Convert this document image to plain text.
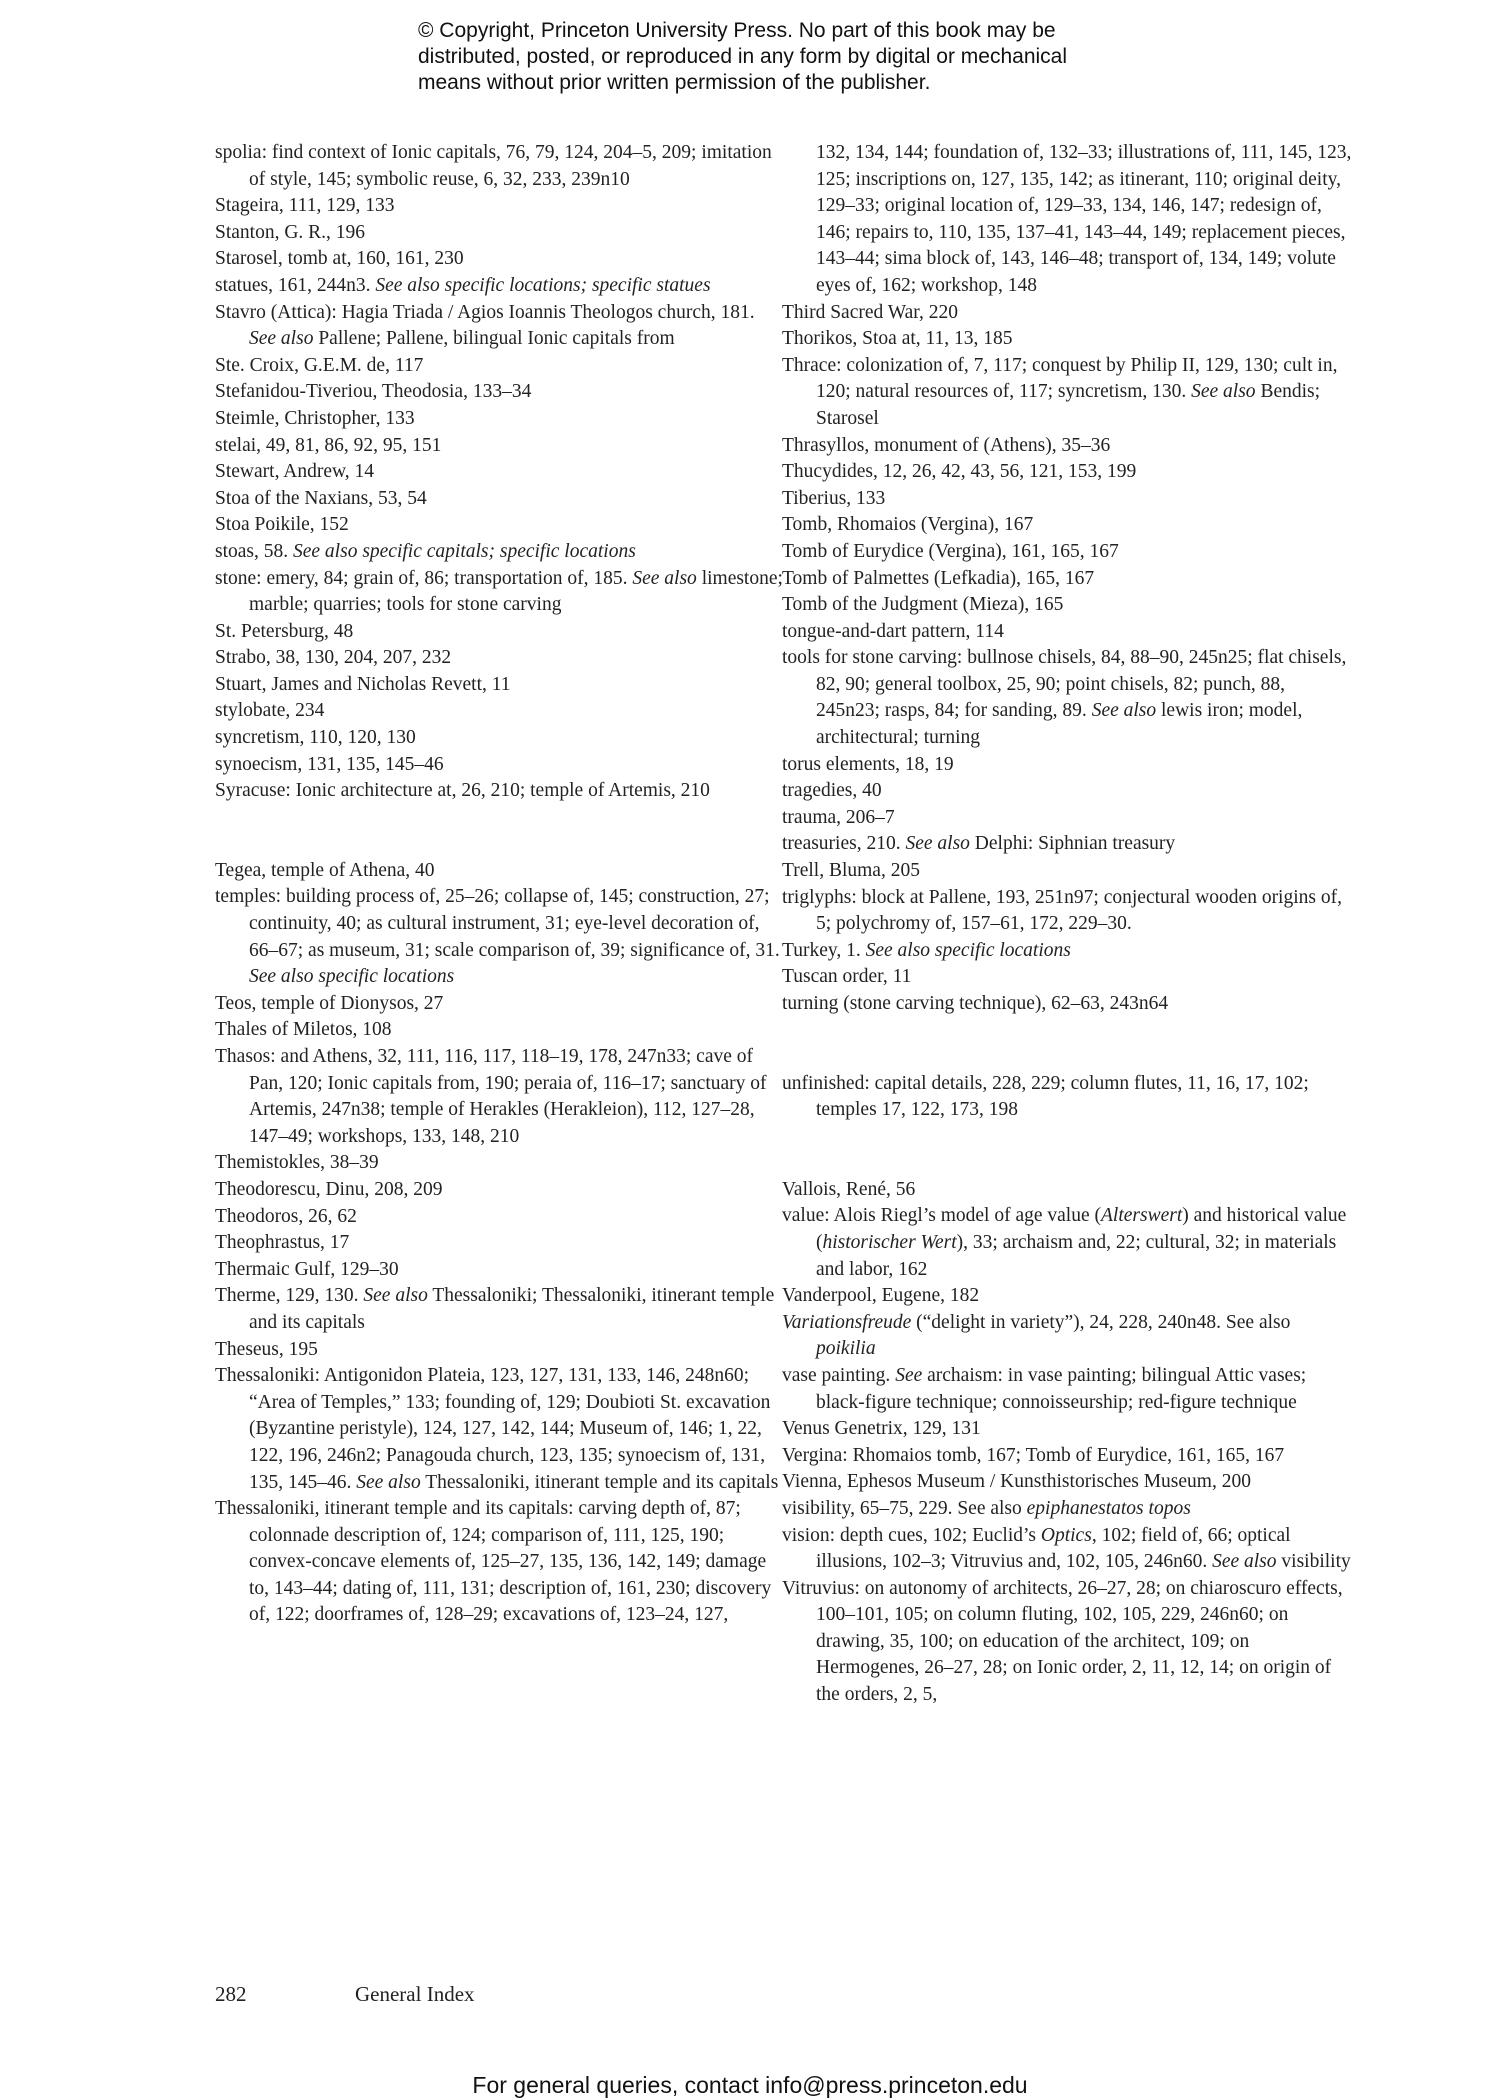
© Copyright, Princeton University Press. No part of this book may be
distributed, posted, or reproduced in any form by digital or mechanical
means without prior written permission of the publisher.

spolia: find context of Ionic capitals, 76, 79, 124, 204–5, 209; imitation of style, 145; symbolic reuse, 6, 32, 233, 239n10

Stageira, 111, 129, 133

Stanton, G. R., 196

Starosel, tomb at, 160, 161, 230

statues, 161, 244n3. See also specific locations; specific statues

Stavro (Attica): Hagia Triada / Agios Ioannis Theologos church, 181. See also Pallene; Pallene, bilingual Ionic capitals from

Ste. Croix, G.E.M. de, 117

Stefanidou-Tiveriou, Theodosia, 133–34

Steimle, Christopher, 133

stelai, 49, 81, 86, 92, 95, 151

Stewart, Andrew, 14

Stoa of the Naxians, 53, 54

Stoa Poikile, 152

stoas, 58. See also specific capitals; specific locations

stone: emery, 84; grain of, 86; transportation of, 185. See also limestone; marble; quarries; tools for stone carving

St. Petersburg, 48

Strabo, 38, 130, 204, 207, 232

Stuart, James and Nicholas Revett, 11

stylobate, 234

syncretism, 110, 120, 130

synoecism, 131, 135, 145–46

Syracuse: Ionic architecture at, 26, 210; temple of Artemis, 210

Tegea, temple of Athena, 40

temples: building process of, 25–26; collapse of, 145; construction, 27; continuity, 40; as cultural instrument, 31; eye-level decoration of, 66–67; as museum, 31; scale comparison of, 39; significance of, 31. See also specific locations

Teos, temple of Dionysos, 27

Thales of Miletos, 108

Thasos: and Athens, 32, 111, 116, 117, 118–19, 178, 247n33; cave of Pan, 120; Ionic capitals from, 190; peraia of, 116–17; sanctuary of Artemis, 247n38; temple of Herakles (Herakleion), 112, 127–28, 147–49; workshops, 133, 148, 210

Themistokles, 38–39

Theodorescu, Dinu, 208, 209

Theodoros, 26, 62

Theophrastus, 17

Thermaic Gulf, 129–30

Therme, 129, 130. See also Thessaloniki; Thessaloniki, itinerant temple and its capitals

Theseus, 195

Thessaloniki: Antigonidon Plateia, 123, 127, 131, 133, 146, 248n60; “Area of Temples,” 133; founding of, 129; Doubioti St. excavation (Byzantine peristyle), 124, 127, 142, 144; Museum of, 146; 1, 22, 122, 196, 246n2; Panagouda church, 123, 135; synoecism of, 131, 135, 145–46. See also Thessaloniki, itinerant temple and its capitals

Thessaloniki, itinerant temple and its capitals: carving depth of, 87; colonnade description of, 124; comparison of, 111, 125, 190; convex-concave elements of, 125–27, 135, 136, 142, 149; damage to, 143–44; dating of, 111, 131; description of, 161, 230; discovery of, 122; doorframes of, 128–29; excavations of, 123–24, 127,

132, 134, 144; foundation of, 132–33; illustrations of, 111, 145, 123, 125; inscriptions on, 127, 135, 142; as itinerant, 110; original deity, 129–33; original location of, 129–33, 134, 146, 147; redesign of, 146; repairs to, 110, 135, 137–41, 143–44, 149; replacement pieces, 143–44; sima block of, 143, 146–48; transport of, 134, 149; volute eyes of, 162; workshop, 148

Third Sacred War, 220

Thorikos, Stoa at, 11, 13, 185

Thrace: colonization of, 7, 117; conquest by Philip II, 129, 130; cult in, 120; natural resources of, 117; syncretism, 130. See also Bendis; Starosel

Thrasyllos, monument of (Athens), 35–36

Thucydides, 12, 26, 42, 43, 56, 121, 153, 199

Tiberius, 133

Tomb, Rhomaios (Vergina), 167

Tomb of Eurydice (Vergina), 161, 165, 167

Tomb of Palmettes (Lefkadia), 165, 167

Tomb of the Judgment (Mieza), 165

tongue-and-dart pattern, 114

tools for stone carving: bullnose chisels, 84, 88–90, 245n25; flat chisels, 82, 90; general toolbox, 25, 90; point chisels, 82; punch, 88, 245n23; rasps, 84; for sanding, 89. See also lewis iron; model, architectural; turning

torus elements, 18, 19

tragedies, 40

trauma, 206–7

treasuries, 210. See also Delphi: Siphnian treasury

Trell, Bluma, 205

triglyphs: block at Pallene, 193, 251n97; conjectural wooden origins of, 5; polychromy of, 157–61, 172, 229–30.

Turkey, 1. See also specific locations

Tuscan order, 11

turning (stone carving technique), 62–63, 243n64

unfinished: capital details, 228, 229; column flutes, 11, 16, 17, 102; temples 17, 122, 173, 198

Vallois, René, 56

value: Alois Riegl’s model of age value (Alterswert) and historical value (historischer Wert), 33; archaism and, 22; cultural, 32; in materials and labor, 162

Vanderpool, Eugene, 182

Variationsfreude (“delight in variety”), 24, 228, 240n48. See also poikilia

vase painting. See archaism: in vase painting; bilingual Attic vases; black-figure technique; connoisseurship; red-figure technique

Venus Genetrix, 129, 131

Vergina: Rhomaios tomb, 167; Tomb of Eurydice, 161, 165, 167

Vienna, Ephesos Museum / Kunsthistorisches Museum, 200

visibility, 65–75, 229. See also epiphanestatos topos

vision: depth cues, 102; Euclid’s Optics, 102; field of, 66; optical illusions, 102–3; Vitruvius and, 102, 105, 246n60. See also visibility

Vitruvius: on autonomy of architects, 26–27, 28; on chiaroscuro effects, 100–101, 105; on column fluting, 102, 105, 229, 246n60; on drawing, 35, 100; on education of the architect, 109; on Hermogenes, 26–27, 28; on Ionic order, 2, 11, 12, 14; on origin of the orders, 2, 5,

282	General Index
For general queries, contact info@press.princeton.edu
